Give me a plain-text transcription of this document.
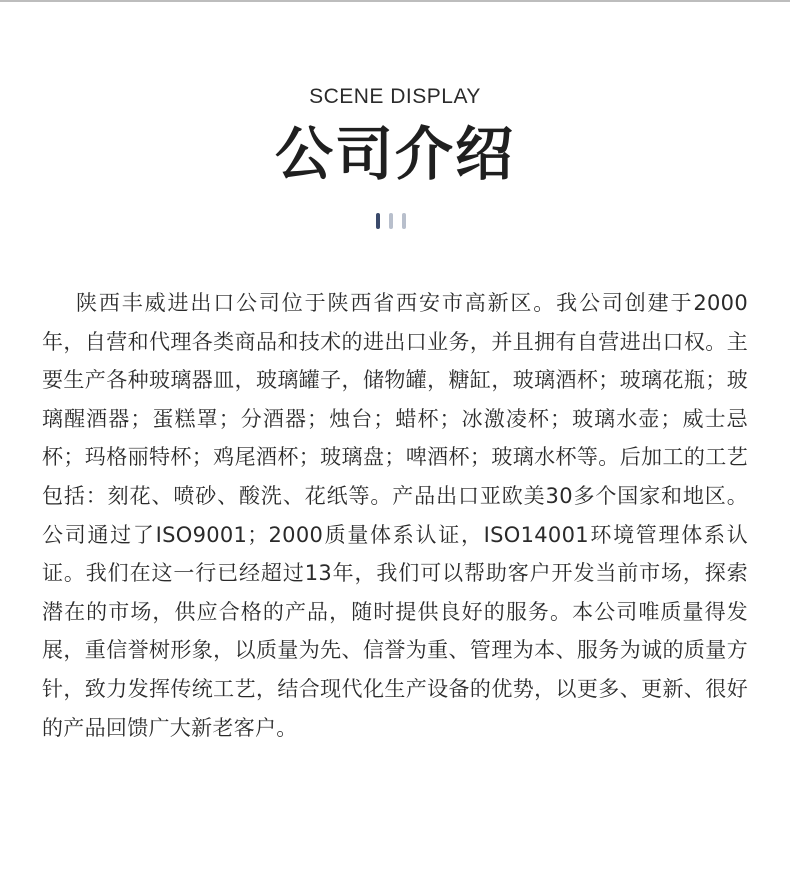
SCENE DISPLAY
公司介绍

陕西丰威进出口公司位于陕西省西安市高新区。我公司创建于2000年，自营和代理各类商品和技术的进出口业务，并且拥有自营进出口权。主要生产各种玻璃器皿，玻璃罐子，储物罐，糖缸，玻璃酒杯；玻璃花瓶；玻璃醒酒器；蛋糕罩；分酒器；烛台；蜡杯；冰激凌杯；玻璃水壶；威士忌杯；玛格丽特杯；鸡尾酒杯；玻璃盘；啤酒杯；玻璃水杯等。后加工的工艺包括：刻花、喷砂、酸洗、花纸等。产品出口亚欧美30多个国家和地区。公司通过了ISO9001；2000质量体系认证，ISO14001环境管理体系认证。我们在这一行已经超过13年，我们可以帮助客户开发当前市场，探索潜在的市场，供应合格的产品，随时提供良好的服务。本公司唯质量得发展，重信誉树形象，以质量为先、信誉为重、管理为本、服务为诚的质量方针，致力发挥传统工艺，结合现代化生产设备的优势，以更多、更新、很好的产品回馈广大新老客户。
